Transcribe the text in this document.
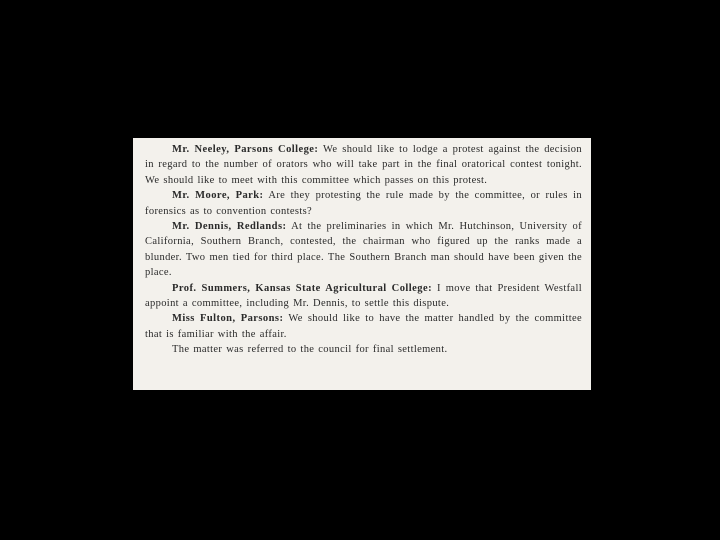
Mr. Neeley, Parsons College: We should like to lodge a protest against the decision in regard to the number of orators who will take part in the final oratorical contest tonight. We should like to meet with this committee which passes on this protest.

Mr. Moore, Park: Are they protesting the rule made by the committee, or rules in forensics as to convention contests?

Mr. Dennis, Redlands: At the preliminaries in which Mr. Hutchinson, University of California, Southern Branch, contested, the chairman who figured up the ranks made a blunder. Two men tied for third place. The Southern Branch man should have been given the place.

Prof. Summers, Kansas State Agricultural College: I move that President Westfall appoint a committee, including Mr. Dennis, to settle this dispute.

Miss Fulton, Parsons: We should like to have the matter handled by the committee that is familiar with the affair.

The matter was referred to the council for final settlement.
